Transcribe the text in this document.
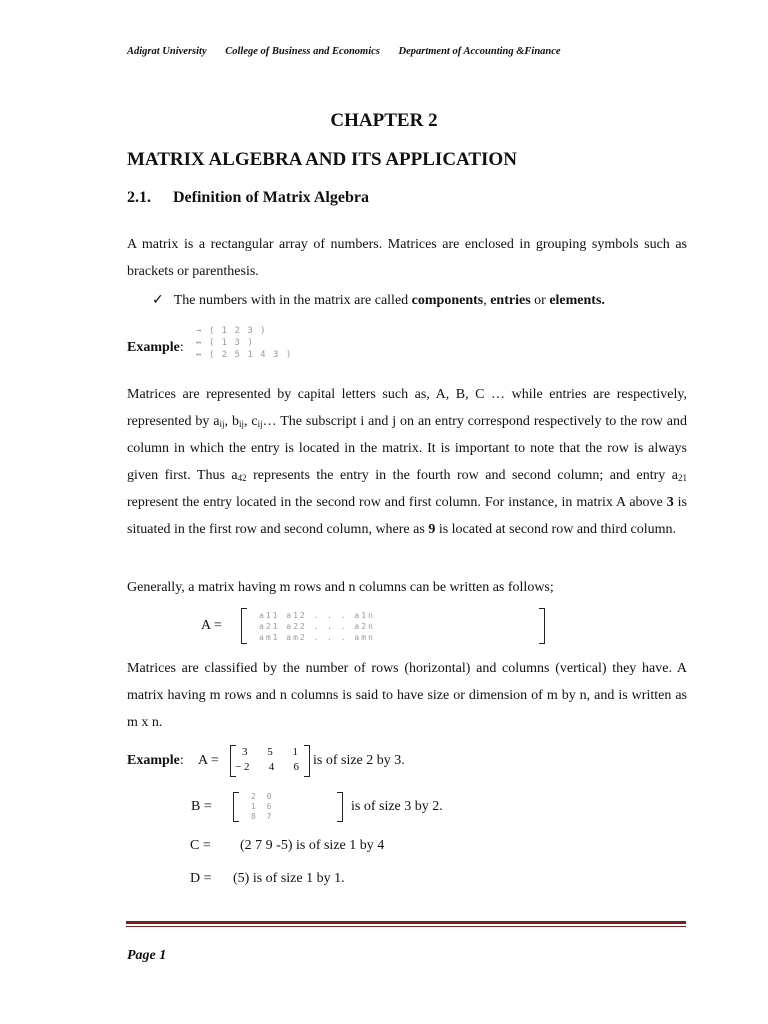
Adigrat University College of Business and Economics Department of Accounting &Finance
CHAPTER 2
MATRIX ALGEBRA AND ITS APPLICATION
2.1. Definition of Matrix Algebra
A matrix is a rectangular array of numbers. Matrices are enclosed in grouping symbols such as brackets or parenthesis.
✓ The numbers with in the matrix are called components, entries or elements.
Example:
→ ( 1 2 3 )
↔ ( 1 3 )
↔ ( 2 5 1 4 3 )
Matrices are represented by capital letters such as, A, B, C … while entries are respectively, represented by $a_{ij}$, $b_{ij}$, $c_{ij}\dots$ The subscript i and j on an entry correspond respectively to the row and column in which the entry is located in the matrix. It is important to note that the row is always given first. Thus $a_{42}$ represents the entry in the fourth row and second column; and entry $a_{21}$ represent the entry located in the second row and first column. For instance, in matrix A above 3 is situated in the first row and second column, where as 9 is located at second row and third column.
Generally, a matrix having m rows and n columns can be written as follows;
A =
a11 a12 . . . a1n
a21 a22 . . . a2n
am1 am2 . . . amn
Matrices are classified by the number of rows (horizontal) and columns (vertical) they have. A matrix having m rows and n columns is said to have size or dimension of m by n, and is written as m x n.
Example: A =
3 5 1
− 2 4 6 is of size 2 by 3.
B =
2 0
1 6
8 7
is of size 3 by 2.
C = (2 7 9 -5) is of size 1 by 4
D = (5) is of size 1 by 1.
Page 1
